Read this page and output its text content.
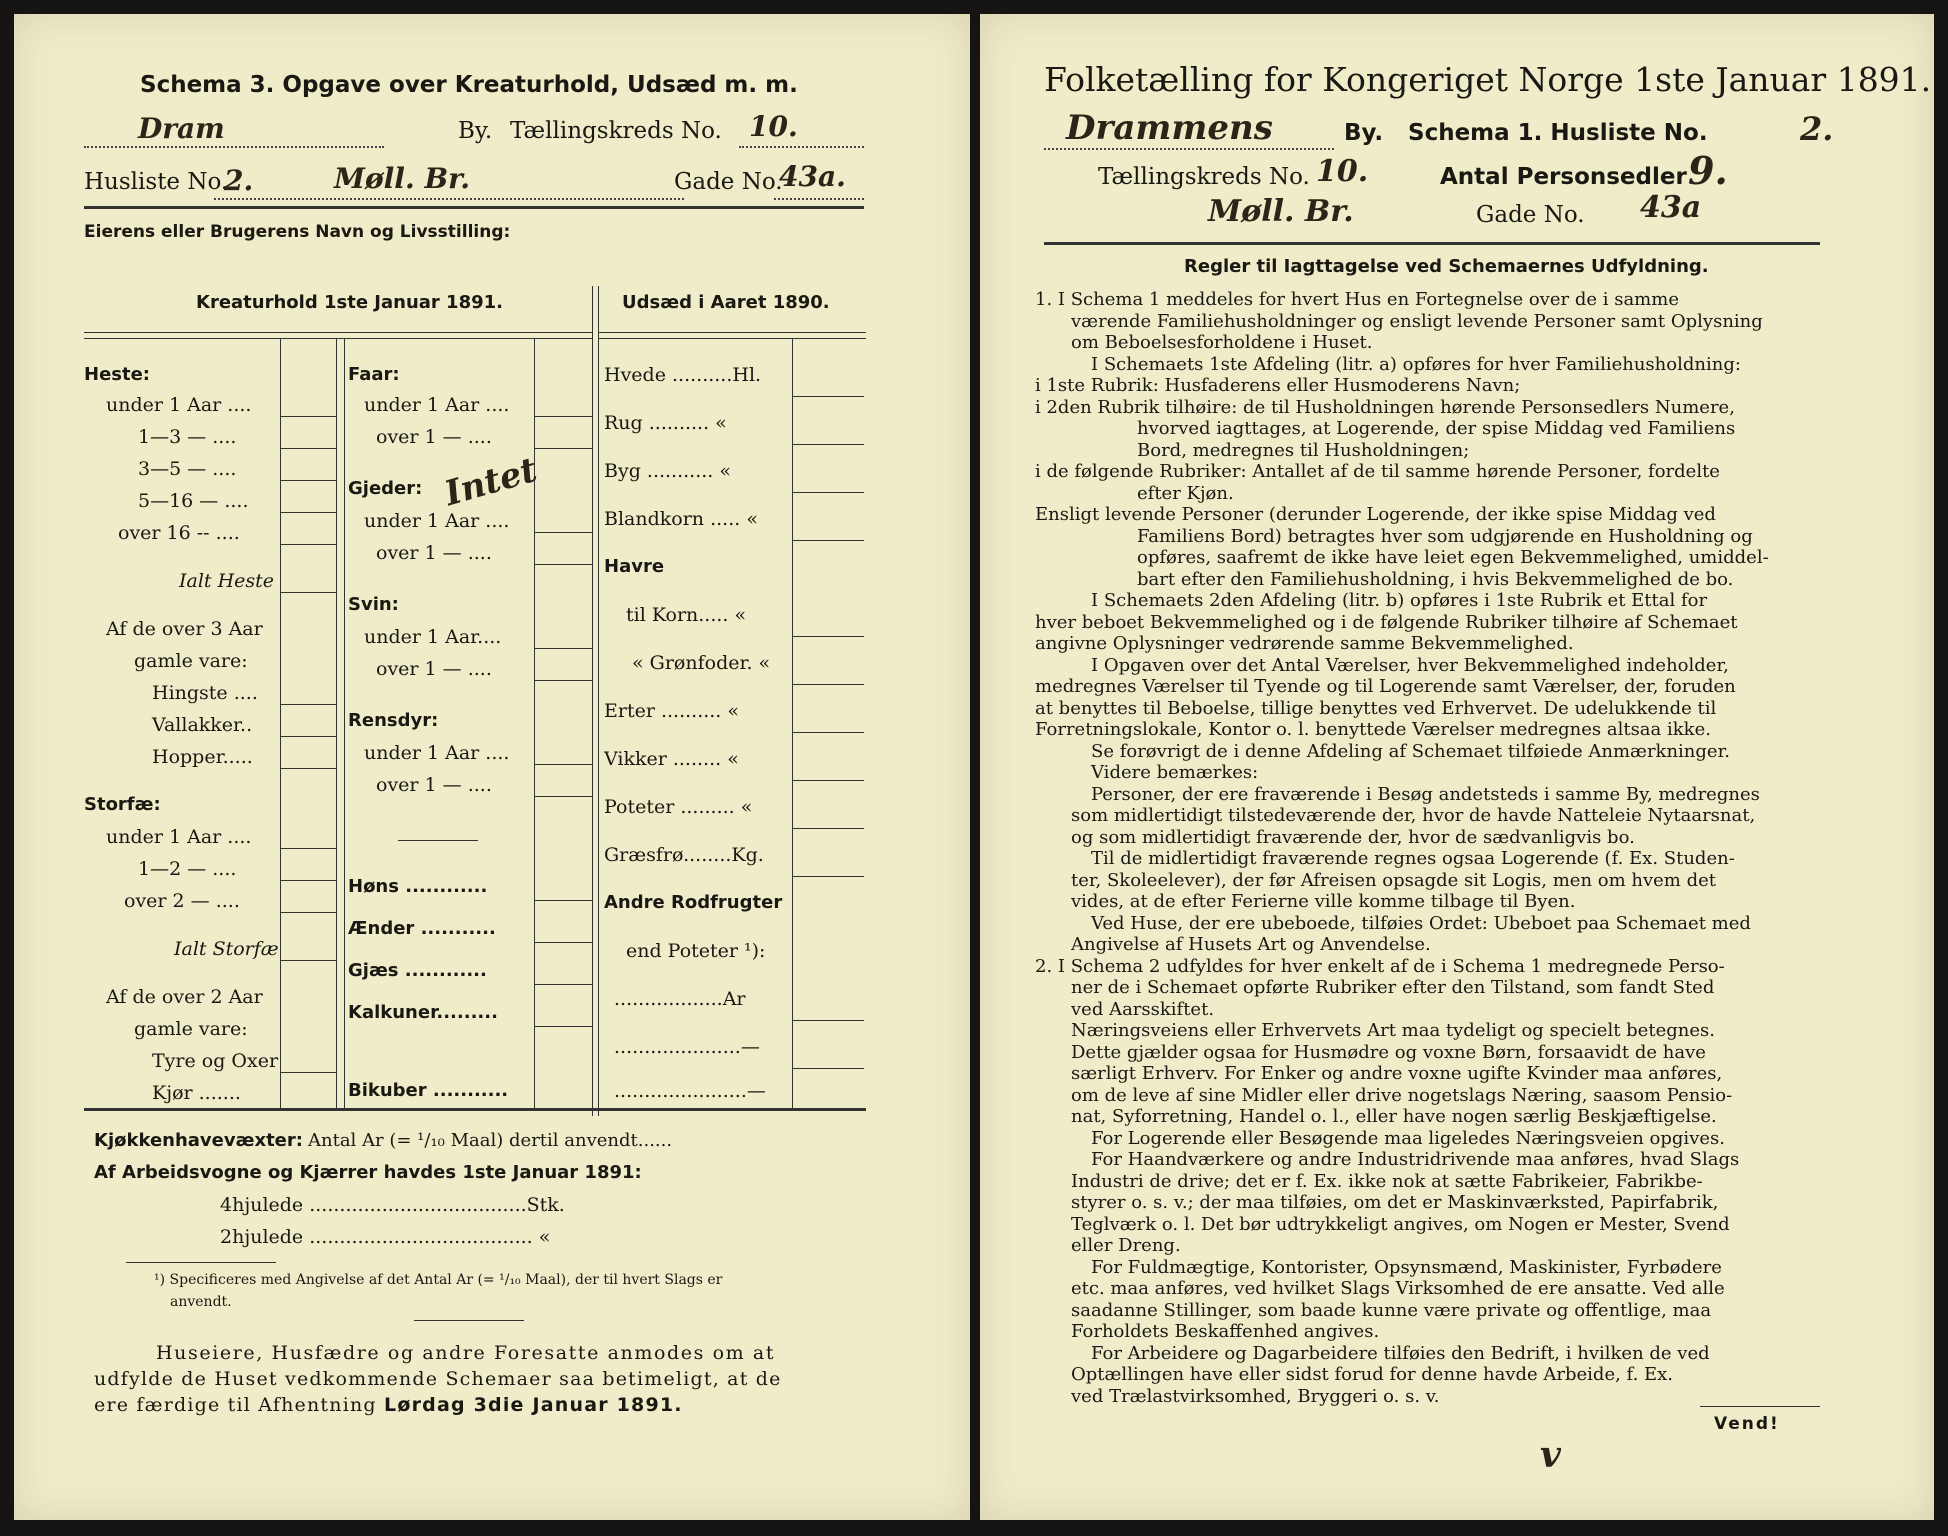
Schema 3. Opgave over Kreaturhold, Udsæd m. m.
Dram	By. Tællingskreds No. 10.
Husliste No.
2.	Møll. Br.	Gade No.
43a.
Eierens eller Brugerens Navn og Livsstilling:
Kreaturhold 1ste Januar 1891.	Udsæd i Aaret 1890.
Heste:
under 1 Aar ....
1—3 — ....
3—5 — ....
5—16 — ....
over 16 -- ....
Ialt Heste
Af de over 3 Aar
gamle vare:
Hingste ....
Vallakker..
Hopper.....
Storfæ:
under 1 Aar ....
1—2 — ....
over 2 — ....
Ialt Storfæ
Af de over 2 Aar
gamle vare:
Tyre og Oxer
Kjør .......
Faar:
under 1 Aar ....
over 1 — ....
Gjeder:
under 1 Aar ....
over 1 — ....
Intet
Svin:
under 1 Aar....
over 1 — ....
Rensdyr:
under 1 Aar ....
over 1 — ....
Høns ............
Ænder ...........
Gjæs ............
Kalkuner.........
Bikuber ...........
Hvede ..........Hl.
Rug .......... «
Byg ........... «
Blandkorn ..... «
Havre
til Korn..... «
« Grønfoder. «
Erter .......... «
Vikker ........ «
Poteter ......... «
Græsfrø........Kg.
Andre Rodfrugter
end Poteter ¹):
..................Ar
.....................—
......................—
Kjøkkenhavevæxter: Antal Ar (= ¹/₁₀ Maal) dertil anvendt......
Af Arbeidsvogne og Kjærrer havdes 1ste Januar 1891:
4hjulede ....................................Stk.
2hjulede ..................................... «
¹) Specificeres med Angivelse af det Antal Ar (= ¹/₁₀ Maal), der til hvert Slags er
anvendt.
Huseiere, Husfædre og andre Foresatte anmodes om at
udfylde de Huset vedkommende Schemaer saa betimeligt, at de
ere færdige til Afhentning Lørdag 3die Januar 1891.
Folketælling for Kongeriget Norge 1ste Januar 1891.
Drammens	By. Schema 1. Husliste No.	2.
Tællingskreds No. 10.	Antal Personsedler 9.
Møll. Br.	Gade No. 43a
Regler til Iagttagelse ved Schemaernes Udfyldning.
1. I Schema 1 meddeles for hvert Hus en Fortegnelse over de i samme
værende Familiehusholdninger og ensligt levende Personer samt Oplysning
om Beboelsesforholdene i Huset.
I Schemaets 1ste Afdeling (litr. a) opføres for hver Familiehusholdning:
i 1ste Rubrik: Husfaderens eller Husmoderens Navn;
i 2den Rubrik tilhøire: de til Husholdningen hørende Personsedlers Numere,
hvorved iagttages, at Logerende, der spise Middag ved Familiens
Bord, medregnes til Husholdningen;
i de følgende Rubriker: Antallet af de til samme hørende Personer, fordelte
efter Kjøn.
Ensligt levende Personer (derunder Logerende, der ikke spise Middag ved
Familiens Bord) betragtes hver som udgjørende en Husholdning og
opføres, saafremt de ikke have leiet egen Bekvemmelighed, umiddel-
bart efter den Familiehusholdning, i hvis Bekvemmelighed de bo.
I Schemaets 2den Afdeling (litr. b) opføres i 1ste Rubrik et Ettal for
hver beboet Bekvemmelighed og i de følgende Rubriker tilhøire af Schemaet
angivne Oplysninger vedrørende samme Bekvemmelighed.
I Opgaven over det Antal Værelser, hver Bekvemmelighed indeholder,
medregnes Værelser til Tyende og til Logerende samt Værelser, der, foruden
at benyttes til Beboelse, tillige benyttes ved Erhvervet. De udelukkende til
Forretningslokale, Kontor o. l. benyttede Værelser medregnes altsaa ikke.
Se forøvrigt de i denne Afdeling af Schemaet tilføiede Anmærkninger.
Videre bemærkes:
Personer, der ere fraværende i Besøg andetsteds i samme By, medregnes
som midlertidigt tilstedeværende der, hvor de havde Natteleie Nytaarsnat,
og som midlertidigt fraværende der, hvor de sædvanligvis bo.
Til de midlertidigt fraværende regnes ogsaa Logerende (f. Ex. Studen-
ter, Skoleelever), der før Afreisen opsagde sit Logis, men om hvem det
vides, at de efter Ferierne ville komme tilbage til Byen.
Ved Huse, der ere ubeboede, tilføies Ordet: Ubeboet paa Schemaet med
Angivelse af Husets Art og Anvendelse.
2. I Schema 2 udfyldes for hver enkelt af de i Schema 1 medregnede Perso-
ner de i Schemaet opførte Rubriker efter den Tilstand, som fandt Sted
ved Aarsskiftet.
Næringsveiens eller Erhvervets Art maa tydeligt og specielt betegnes.
Dette gjælder ogsaa for Husmødre og voxne Børn, forsaavidt de have
særligt Erhverv. For Enker og andre voxne ugifte Kvinder maa anføres,
om de leve af sine Midler eller drive nogetslags Næring, saasom Pensio-
nat, Syforretning, Handel o. l., eller have nogen særlig Beskjæftigelse.
For Logerende eller Besøgende maa ligeledes Næringsveien opgives.
For Haandværkere og andre Industridrivende maa anføres, hvad Slags
Industri de drive; det er f. Ex. ikke nok at sætte Fabrikeier, Fabrikbe-
styrer o. s. v.; der maa tilføies, om det er Maskinværksted, Papirfabrik,
Teglværk o. l. Det bør udtrykkeligt angives, om Nogen er Mester, Svend
eller Dreng.
For Fuldmægtige, Kontorister, Opsynsmænd, Maskinister, Fyrbødere
etc. maa anføres, ved hvilket Slags Virksomhed de ere ansatte. Ved alle
saadanne Stillinger, som baade kunne være private og offentlige, maa
Forholdets Beskaffenhed angives.
For Arbeidere og Dagarbeidere tilføies den Bedrift, i hvilken de ved
Optællingen have eller sidst forud for denne havde Arbeide, f. Ex.
ved Trælastvirksomhed, Bryggeri o. s. v.
Vend!
v
